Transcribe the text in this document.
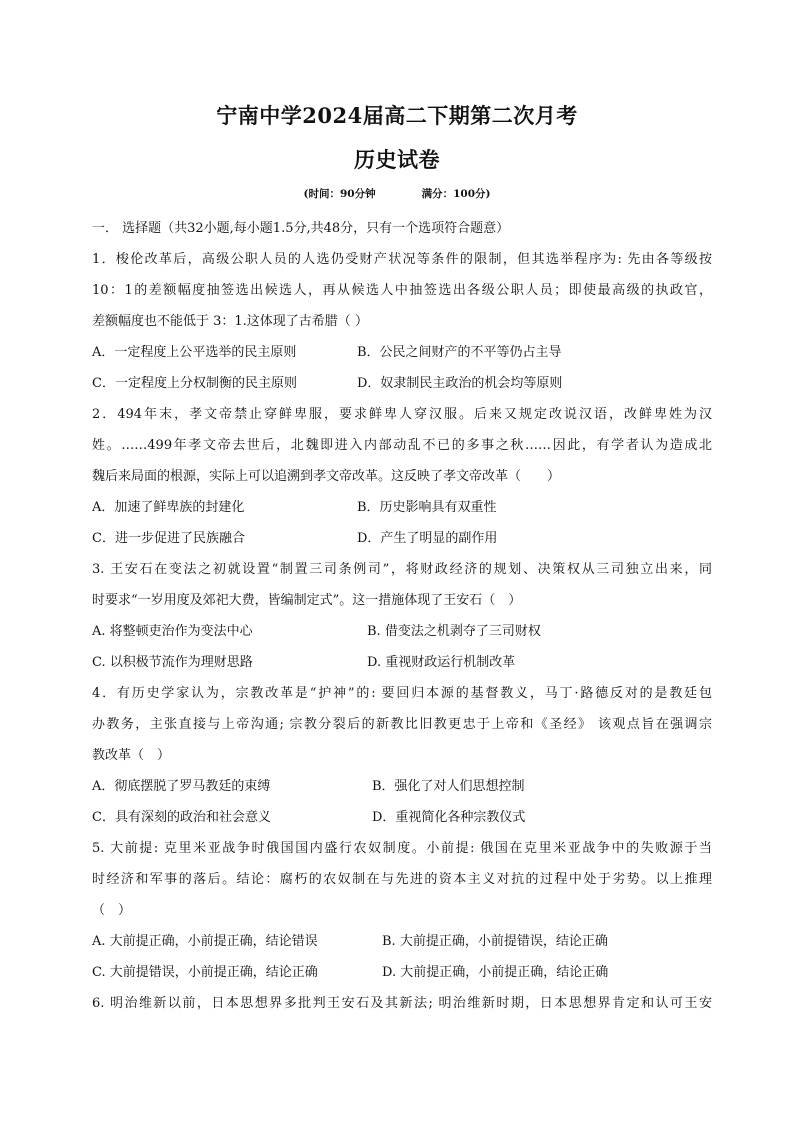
宁南中学2024届高二下期第二次月考
历史试卷
(时间：90分钟	满分：100分)
一． 选择题（共32小题,每小题1.5分,共48分，只有一个选项符合题意）
1．梭伦改革后，高级公职人员的人选仍受财产状况等条件的限制，但其选举程序为: 先由各等级按
10：1的差额幅度抽签选出候选人，再从候选人中抽签选出各级公职人员；即使最高级的执政官，
差额幅度也不能低于 3：1.这体现了古希腊（ ）
A．一定程度上公平选举的民主原则	B．公民之间财产的不平等仍占主导
C．一定程度上分权制衡的民主原则	D．奴隶制民主政治的机会均等原则
2．494年末，孝文帝禁止穿鲜卑服，要求鲜卑人穿汉服。后来又规定改说汉语，改鲜卑姓为汉
姓。……499年孝文帝去世后，北魏即进入内部动乱不已的多事之秋……因此，有学者认为造成北
魏后来局面的根源，实际上可以追溯到孝文帝改革。这反映了孝文帝改革（　　）
A．加速了鲜卑族的封建化	B．历史影响具有双重性
C．进一步促进了民族融合	D．产生了明显的副作用
3. 王安石在变法之初就设置“制置三司条例司”，将财政经济的规划、决策权从三司独立出来，同
时要求“一岁用度及郊祀大费，皆编制定式”。这一措施体现了王安石（　）
A. 将整顿吏治作为变法中心	B. 借变法之机剥夺了三司财权
C. 以积极节流作为理财思路	D. 重视财政运行机制改革
4．有历史学家认为，宗教改革是“护神”的: 要回归本源的基督教义，马丁·路德反对的是教廷包
办教务，主张直接与上帝沟通; 宗教分裂后的新教比旧教更忠于上帝和《圣经》 该观点旨在强调宗
教改革（　）
A．彻底摆脱了罗马教廷的束缚	B．强化了对人们思想控制
C．具有深刻的政治和社会意义	D．重视简化各种宗教仪式
5. 大前提: 克里米亚战争时俄国国内盛行农奴制度。小前提: 俄国在克里米亚战争中的失败源于当
时经济和军事的落后。结论：腐朽的农奴制在与先进的资本主义对抗的过程中处于劣势。以上推理
（　）
A. 大前提正确，小前提正确，结论错误	B. 大前提正确，小前提错误，结论正确
C. 大前提错误，小前提正确，结论正确	D. 大前提正确，小前提正确，结论正确
6. 明治维新以前，日本思想界多批判王安石及其新法; 明治维新时期，日本思想界肯定和认可王安
